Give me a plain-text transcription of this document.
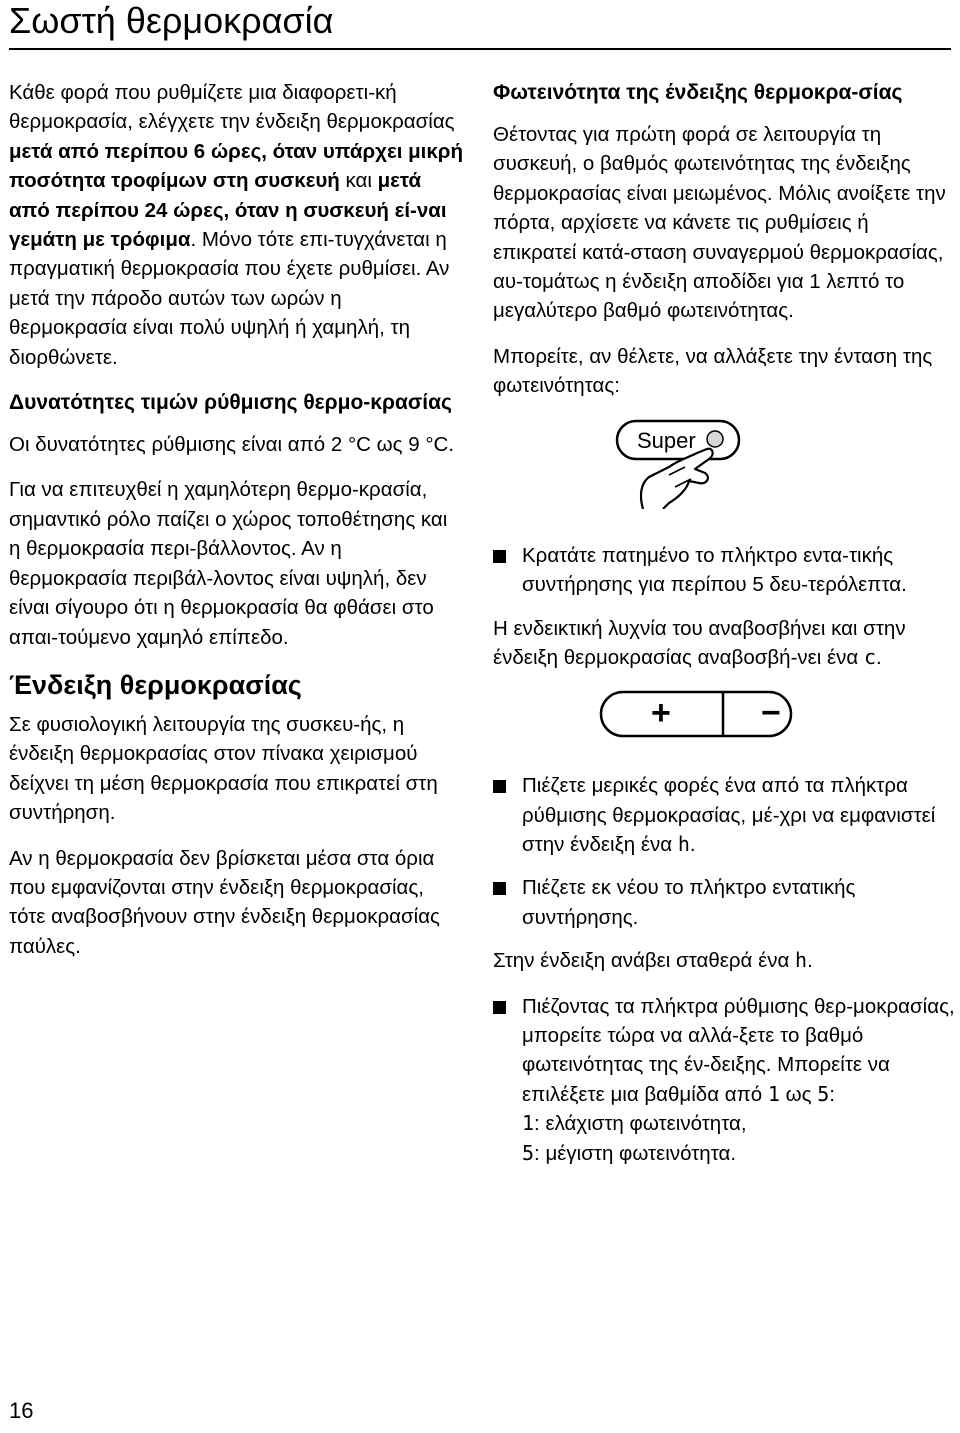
Σωστή θερμοκρασία

Κάθε φορά που ρυθμίζετε μια διαφορετι-κή θερμοκρασία, ελέγχετε την ένδειξη θερμοκρασίας μετά από περίπου 6 ώρες, όταν υπάρχει μικρή ποσότητα τροφίμων στη συσκευή και μετά από περίπου 24 ώρες, όταν η συσκευή εί-ναι γεμάτη με τρόφιμα. Μόνο τότε επι-τυγχάνεται η πραγματική θερμοκρασία που έχετε ρυθμίσει. Αν μετά την πάροδο αυτών των ωρών η θερμοκρασία είναι πολύ υψηλή ή χαμηλή, τη διορθώνετε.

Δυνατότητες τιμών ρύθμισης θερμο-κρασίας

Οι δυνατότητες ρύθμισης είναι από 2 °C ως 9 °C.

Για να επιτευχθεί η χαμηλότερη θερμο-κρασία, σημαντικό ρόλο παίζει ο χώρος τοποθέτησης και η θερμοκρασία περι-βάλλοντος. Αν η θερμοκρασία περιβάλ-λοντος είναι υψηλή, δεν είναι σίγουρο ότι η θερμοκρασία θα φθάσει στο απαι-τούμενο χαμηλό επίπεδο.

Ένδειξη θερμοκρασίας

Σε φυσιολογική λειτουργία της συσκευ-ής, η ένδειξη θερμοκρασίας στον πίνακα χειρισμού δείχνει τη μέση θερμοκρασία που επικρατεί στη συντήρηση.

Αν η θερμοκρασία δεν βρίσκεται μέσα στα όρια που εμφανίζονται στην ένδειξη θερμοκρασίας, τότε αναβοσβήνουν στην ένδειξη θερμοκρασίας παύλες.

Φωτεινότητα της ένδειξης θερμοκρα-σίας

Θέτοντας για πρώτη φορά σε λειτουργία τη συσκευή, ο βαθμός φωτεινότητας της ένδειξης θερμοκρασίας είναι μειωμένος. Μόλις ανοίξετε την πόρτα, αρχίσετε να κάνετε τις ρυθμίσεις ή επικρατεί κατά-σταση συναγερμού θερμοκρασίας, αυ-τομάτως η ένδειξη αποδίδει για 1 λεπτό το μεγαλύτερο βαθμό φωτεινότητας.

Μπορείτε, αν θέλετε, να αλλάξετε την ένταση της φωτεινότητας:

Super
Κρατάτε πατημένο το πλήκτρο εντα-τικής συντήρησης για περίπου 5 δευ-τερόλεπτα.

Η ενδεικτική λυχνία του αναβοσβήνει και στην ένδειξη θερμοκρασίας αναβοσβή-νει ένα c.

+	−
Πιέζετε μερικές φορές ένα από τα πλήκτρα ρύθμισης θερμοκρασίας, μέ-χρι να εμφανιστεί στην ένδειξη ένα h.
Πιέζετε εκ νέου το πλήκτρο εντατικής συντήρησης.

Στην ένδειξη ανάβει σταθερά ένα h.

Πιέζοντας τα πλήκτρα ρύθμισης θερ-μοκρασίας, μπορείτε τώρα να αλλά-ξετε το βαθμό φωτεινότητας της έν-δειξης. Μπορείτε να επιλέξετε μια βαθμίδα από 1 ως 5:
1: ελάχιστη φωτεινότητα,
5: μέγιστη φωτεινότητα.
16
